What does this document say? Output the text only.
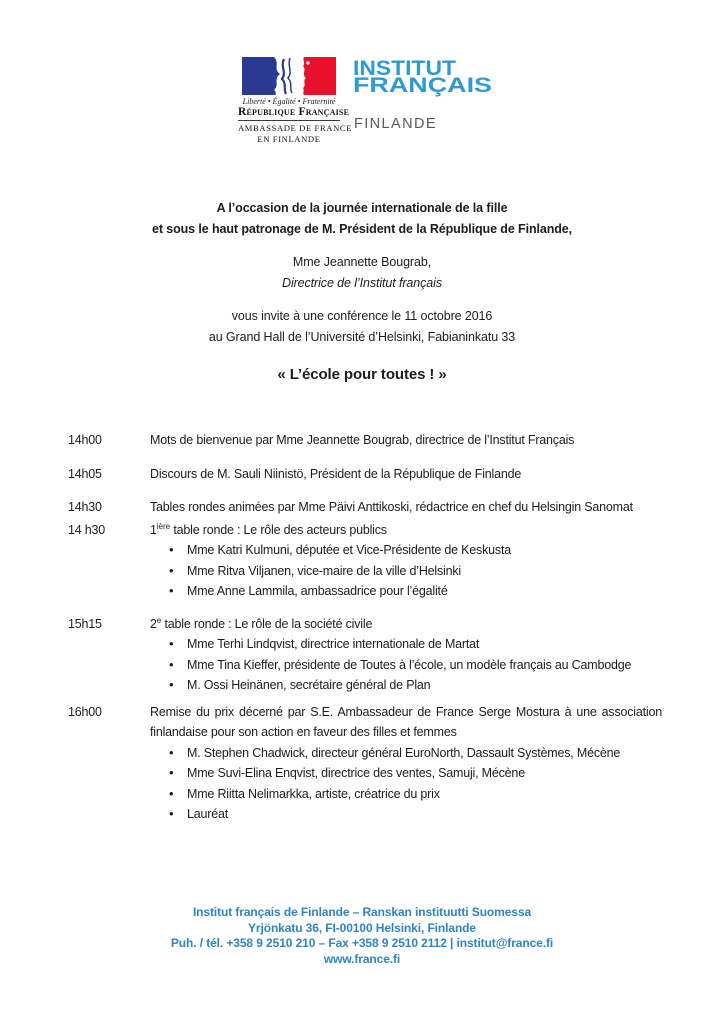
Liberté • Égalité • Fraternité
République Française
AMBASSADE DE FRANCE
EN FINLANDE
INSTITUT
FRANÇAIS
FINLANDE

A l’occasion de la journée internationale de la fille
et sous le haut patronage de M. Président de la République de Finlande,

Mme Jeannette Bougrab,
Directrice de l’Institut français

vous invite à une conférence le 11 octobre 2016
au Grand Hall de l’Université d’Helsinki, Fabianinkatu 33

« L’école pour toutes ! »
14h00	Mots de bienvenue par Mme Jeannette Bougrab, directrice de l’Institut Français
14h05	Discours de M. Sauli Niinistö, Président de la République de Finlande
14h30	Tables rondes animées par Mme Päivi Anttikoski, rédactrice en chef du Helsingin Sanomat
14 h30	$1^{ière}$ table ronde : Le rôle des acteurs publics

• Mme Katri Kulmuni, députée et Vice-Présidente de Keskusta
• Mme Ritva Viljanen, vice-maire de la ville d’Helsinki
• Mme Anne Lammila, ambassadrice pour l’égalité
15h15	2e table ronde : Le rôle de la société civile

• Mme Terhi Lindqvist, directrice internationale de Martat
• Mme Tina Kieffer, présidente de Toutes à l’école, un modèle français au Cambodge
• M. Ossi Heinänen, secrétaire général de Plan
16h00	Remise du prix décerné par S.E. Ambassadeur de France Serge Mostura à une association finlandaise pour son action en faveur des filles et femmes

• M. Stephen Chadwick, directeur général EuroNorth, Dassault Systèmes, Mécène
• Mme Suvi-Elina Enqvist, directrice des ventes, Samuji, Mécène
• Mme Riitta Nelimarkka, artiste, créatrice du prix
• Lauréat
Institut français de Finlande – Ranskan instituutti Suomessa
Yrjönkatu 36, FI-00100 Helsinki, Finlande
Puh. / tél. +358 9 2510 210 – Fax +358 9 2510 2112 | institut@france.fi
www.france.fi
